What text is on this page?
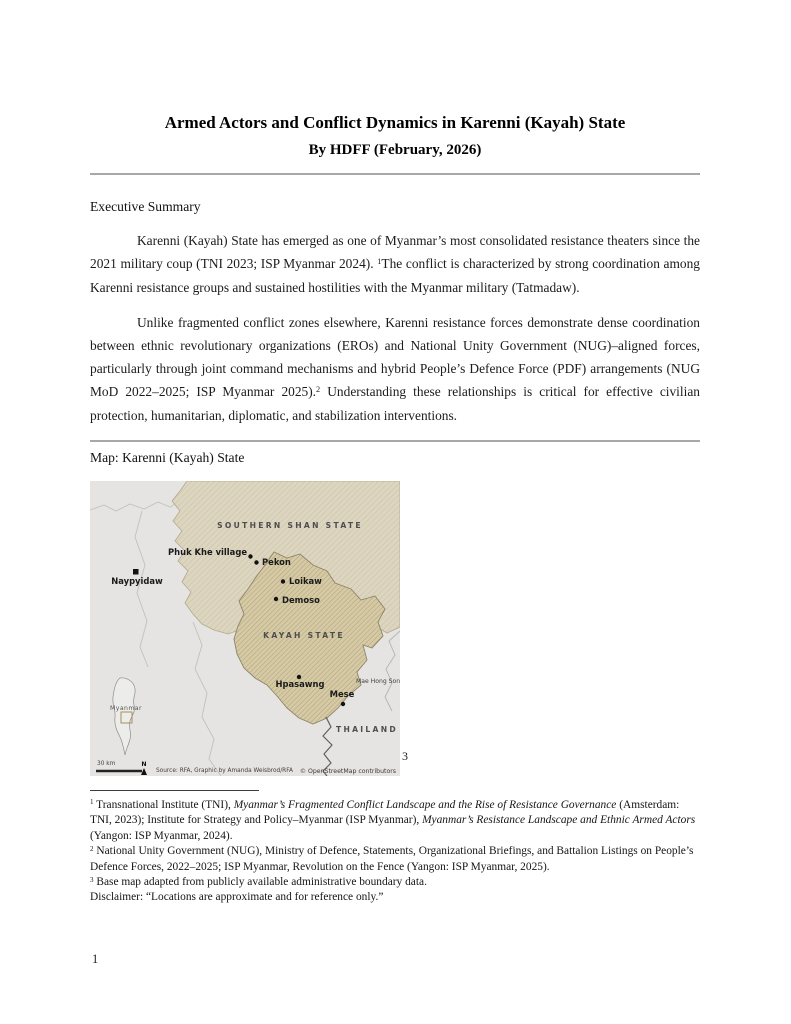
Armed Actors and Conflict Dynamics in Karenni (Kayah) State
By HDFF (February, 2026)

Executive Summary

Karenni (Kayah) State has emerged as one of Myanmar’s most consolidated resistance theaters since the 2021 military coup (TNI 2023; ISP Myanmar 2024). $^1$The conflict is characterized by strong coordination among Karenni resistance groups and sustained hostilities with the Myanmar military (Tatmadaw).

Unlike fragmented conflict zones elsewhere, Karenni resistance forces demonstrate dense coordination between ethnic revolutionary organizations (EROs) and National Unity Government (NUG)–aligned forces, particularly through joint command mechanisms and hybrid People’s Defence Force (PDF) arrangements (NUG MoD 2022–2025; ISP Myanmar 2025).$^2$ Understanding these relationships is critical for effective civilian protection, humanitarian, diplomatic, and stabilization interventions.

Map: Karenni (Kayah) State

SOUTHERN SHAN STATE
KAYAH STATE
THAILAND
Mae Hong Son
Phuk Khe village
Pekon
Naypyidaw	Loikaw
Demoso
Hpasawng
Mese
Myanmar
30 km	N
Source: RFA, Graphic by Amanda Weisbrod/RFA © OpenStreetMap contributors
3

$^1$ Transnational Institute (TNI), Myanmar’s Fragmented Conflict Landscape and the Rise of Resistance Governance (Amsterdam: TNI, 2023); Institute for Strategy and Policy–Myanmar (ISP Myanmar), Myanmar’s Resistance Landscape and Ethnic Armed Actors (Yangon: ISP Myanmar, 2024).

$^2$ National Unity Government (NUG), Ministry of Defence, Statements, Organizational Briefings, and Battalion Listings on People’s Defence Forces, 2022–2025; ISP Myanmar, Revolution on the Fence (Yangon: ISP Myanmar, 2025).

$^3$ Base map adapted from publicly available administrative boundary data.

Disclaimer: “Locations are approximate and for reference only.”

1
